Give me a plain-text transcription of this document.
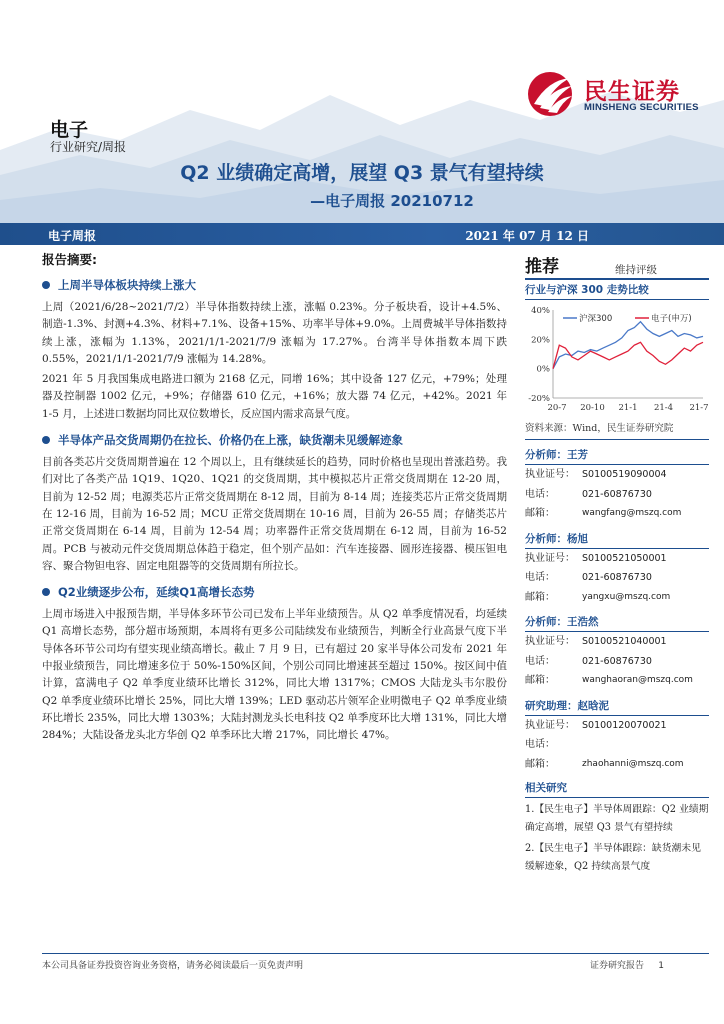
民生证券
MINSHENG SECURITIES
电子
行业研究/周报
Q2 业绩确定高增，展望 Q3 景气有望持续
—电子周报 20210712
电子周报	2021 年 07 月 12 日
报告摘要:
上周半导体板块持续上涨大

上周（2021/6/28~2021/7/2）半导体指数持续上涨，涨幅 0.23%。分子板块看，设计+4.5%、制造-1.3%、封测+4.3%、材料+7.1%、设备+15%、功率半导体+9.0%。上周费城半导体指数持续上涨，涨幅为 1.13%，2021/1/1-2021/7/9 涨幅为 17.27%。台湾半导体指数本周下跌 0.55%，2021/1/1-2021/7/9 涨幅为 14.28%。

2021 年 5 月我国集成电路进口额为 2168 亿元，同增 16%；其中设备 127 亿元，+79%；处理器及控制器 1002 亿元，+9%；存储器 610 亿元，+16%；放大器 74 亿元，+42%。2021 年 1-5 月，上述进口数据均同比双位数增长，反应国内需求高景气度。

半导体产品交货周期仍在拉长、价格仍在上涨，缺货潮未见缓解迹象

目前各类芯片交货周期普遍在 12 个周以上，且有继续延长的趋势，同时价格也呈现出普涨趋势。我们对比了各类产品 1Q19、1Q20、1Q21 的交货周期，其中模拟芯片正常交货周期在 12-20 周，目前为 12-52 周；电源类芯片正常交货周期在 8-12 周，目前为 8-14 周；连接类芯片正常交货周期在 12-16 周，目前为 16-52 周；MCU 正常交货周期在 10-16 周，目前为 26-55 周；存储类芯片正常交货周期在 6-14 周，目前为 12-54 周；功率器件正常交货周期在 6-12 周，目前为 16-52 周。PCB 与被动元件交货周期总体趋于稳定，但个别产品如：汽车连接器、圆形连接器、模压钽电容、聚合物钽电容、固定电阻器等的交货周期有所拉长。

Q2业绩逐步公布，延续Q1高增长态势

上周市场进入中报预告期，半导体多环节公司已发布上半年业绩预告。从 Q2 单季度情况看，均延续 Q1 高增长态势，部分超市场预期，本周将有更多公司陆续发布业绩预告，判断全行业高景气度下半导体各环节公司均有望实现业绩高增长。截止 7 月 9 日，已有超过 20 家半导体公司发布 2021 年中报业绩预告，同比增速多位于 50%-150%区间，个别公司同比增速甚至超过 150%。按区间中值计算，富满电子 Q2 单季度业绩环比增长 312%，同比大增 1317%；CMOS 大陆龙头韦尔股份 Q2 单季度业绩环比增长 25%，同比大增 139%；LED 驱动芯片领军企业明微电子 Q2 单季度业绩环比增长 235%，同比大增 1303%；大陆封测龙头长电科技 Q2 单季度环比大增 131%，同比大增 284%；大陆设备龙头北方华创 Q2 单季环比大增 217%，同比增长 47%。

推荐	维持评级
行业与沪深 300 走势比较
40%
20%
0%
-20%
20-7 20-10 21-1 21-4 21-7
沪深300	电子(申万)
资料来源：Wind，民生证券研究院
分析师：王芳
执业证号： S0100519090004
电话：	021-60876730
邮箱：	wangfang@mszq.com
分析师：杨旭
执业证号： S0100521050001
电话：	021-60876730
邮箱：	yangxu@mszq.com
分析师：王浩然
执业证号： S0100521040001
电话：	021-60876730
邮箱：	wanghaoran@mszq.com
研究助理：赵晗泥
执业证号： S0100120070021
电话：
邮箱：	zhaohanni@mszq.com
相关研究
1.【民生电子】半导体周跟踪：Q2 业绩期确定高增，展望 Q3 景气有望持续
2.【民生电子】半导体跟踪：缺货潮未见缓解迹象，Q2 持续高景气度
本公司具备证券投资咨询业务资格，请务必阅读最后一页免责声明	证券研究报告 1
